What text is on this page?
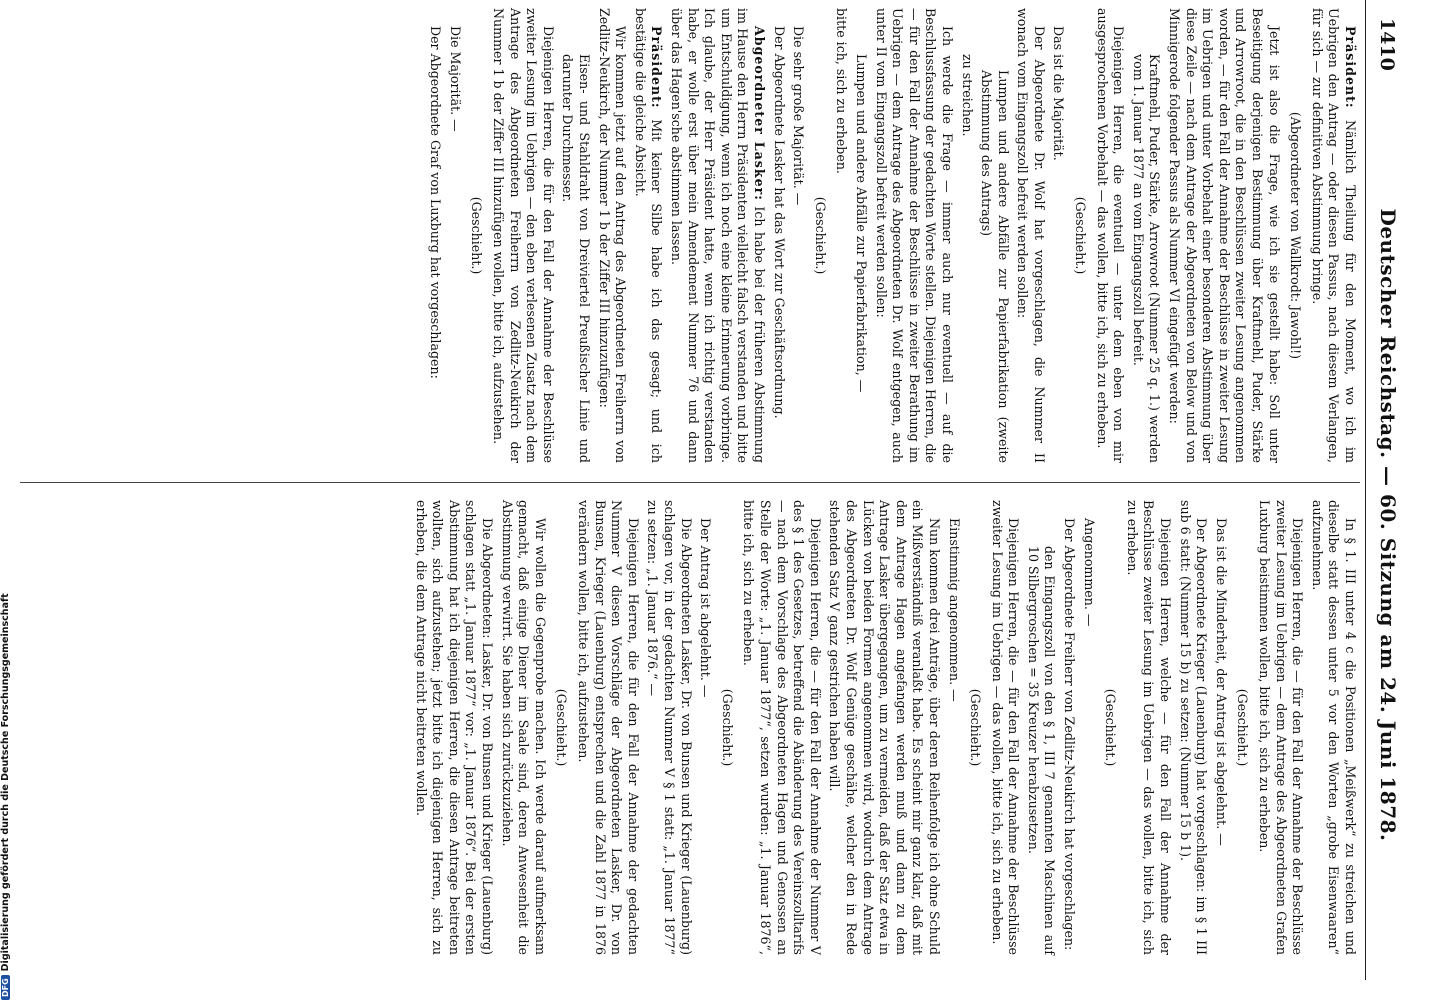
1410
Deutscher Reichstag. — 60. Sitzung am 24. Juni 1878.

Präsident: Nämlich Theilung für den Moment, wo ich im Uebrigen den Antrag — oder diesen Passus, nach diesem Verlangen, für sich — zur definitiven Abstimmung bringe.

(Abgeordneter von Wallkrodt: Jawohl!)

Jetzt ist also die Frage, wie ich sie gestellt habe: Soll unter Beseitigung derjenigen Bestimmung über Kraftmehl, Puder, Stärke und Arrowroot, die in den Beschlüssen zweiter Lesung angenommen worden, — für den Fall der Annahme der Beschlüsse in zweiter Lesung im Uebrigen und unter Vorbehalt einer besonderen Abstimmung über diese Zeile — nach dem Antrage der Abgeordneten von Below und von Minnigerode folgender Passus als Nummer VI eingefügt werden:

Kraftmehl, Puder, Stärke, Arrowroot (Nummer 25 q. 1.) werden vom 1. Januar 1877 an vom Eingangszoll befreit.

Diejenigen Herren, die eventuell — unter dem eben von mir ausgesprochenen Vorbehalt — das wollen, bitte ich, sich zu erheben.

(Geschieht.)

Das ist die Majorität.

Der Abgeordnete Dr. Wolf hat vorgeschlagen, die Nummer II wonach vom Eingangszoll befreit werden sollen:

Lumpen und andere Abfälle zur Papierfabrikation (zweite Abstimmung des Antrags)

zu streichen.

Ich werde die Frage — immer auch nur eventuell — auf die Beschlussfassung der gedachten Worte stellen. Diejenigen Herren, die — für den Fall der Annahme der Beschlüsse in zweiter Berathung im Uebrigen — dem Antrage des Abgeordneten Dr. Wolf entgegen, auch unter II vom Eingangszoll befreit werden sollen:

Lumpen und andere Abfälle zur Papierfabrikation, —

bitte ich, sich zu erheben.

(Geschieht.)

Die sehr große Majorität. —

Der Abgeordnete Lasker hat das Wort zur Geschäftsordnung.

Abgeordneter Lasker: Ich habe bei der früheren Abstimmung im Hause den Herrn Präsidenten vielleicht falsch verstanden und bitte um Entschuldigung, wenn ich noch eine kleine Erinnerung vorbringe. Ich glaube, der Herr Präsident hatte, wenn ich richtig verstanden habe, er wolle erst über mein Amendement Nummer 76 und dann über das Hagen'sche abstimmen lassen.

Präsident: Mit keiner Silbe habe ich das gesagt; und ich bestätige die gleiche Absicht.

Wir kommen jetzt auf den Antrag des Abgeordneten Freiherrn von Zedlitz-Neukirch, der Nummer 1 b der Ziffer III hinzuzufügen:

Eisen- und Stahldraht von Dreiviertel Preußischer Linie und darunter Durchmesser.

Diejenigen Herren, die für den Fall der Annahme der Beschlüsse zweiter Lesung im Uebrigen — den eben verlesenen Zusatz nach dem Antrage des Abgeordneten Freiherrn von Zedlitz-Neukirch der Nummer 1 b der Ziffer III hinzufügen wollen, bitte ich, aufzustehen.

(Geschieht.)

Die Majorität. —

Der Abgeordnete Graf von Luxburg hat vorgeschlagen:

In § 1. III unter 4 c die Positionen „Meißwerk“ zu streichen und dieselbe statt dessen unter 5 vor den Worten „grobe Eisenwaaren“ aufzunehmen.

Diejenigen Herren, die — für den Fall der Annahme der Beschlüsse zweiter Lesung im Uebrigen — dem Antrage des Abgeordneten Grafen Luxburg beistimmen wollen, bitte ich, sich zu erheben.

(Geschieht.)

Das ist die Minderheit, der Antrag ist abgelehnt. —

Der Abgeordnete Krieger (Lauenburg) hat vorgeschlagen: im § 1 III sub 6 statt: (Nummer 15 b) zu setzen: (Nummer 15 b 1).

Diejenigen Herren, welche — für den Fall der Annahme der Beschlüsse zweiter Lesung im Uebrigen — das wollen, bitte ich, sich zu erheben.

(Geschieht.)

Angenommen. —

Der Abgeordnete Freiherr von Zedlitz-Neukirch hat vorgeschlagen:

den Eingangszoll von den § 1, III 7 genannten Maschinen auf 10 Silbergroschen = 35 Kreuzer herabzusetzen.

Diejenigen Herren, die — für den Fall der Annahme der Beschlüsse zweiter Lesung im Uebrigen — das wollen, bitte ich, sich zu erheben.

(Geschieht.)

Einstimmig angenommen. —

Nun kommen drei Anträge, über deren Reihenfolge ich ohne Schuld ein Mißverständniß veranlaßt habe. Es scheint mir ganz klar, daß mit dem Antrage Hagen angefangen werden muß und dann zu dem Antrage Lasker übergegangen, um zu vermeiden, daß der Satz etwa in Lücken von beiden Formen angenommen wird, wodurch dem Antrage des Abgeordneten Dr. Wolf Genüge geschähe, welcher den in Rede stehenden Satz V ganz gestrichen haben will.

Diejenigen Herren, die — für den Fall der Annahme der Nummer V des § 1 des Gesetzes, betreffend die Abänderung des Vereinszolltarifs — nach dem Vorschlage des Abgeordneten Hagen und Genossen an Stelle der Worte: „1. Januar 1877“, setzen wurden: „1. Januar 1876“, bitte ich, sich zu erheben.

(Geschieht.)

Der Antrag ist abgelehnt. —

Die Abgeordneten Lasker, Dr. von Bunsen und Krieger (Lauenburg) schlagen vor, in der gedachten Nummer V § 1 statt: „1. Januar 1877“ zu setzen: „1. Januar 1876.“ —

Diejenigen Herren, die für den Fall der Annahme der gedachten Nummer V diesen Vorschläge der Abgeordneten Lasker, Dr. von Bunsen, Krieger (Lauenburg) entsprechen und die Zahl 1877 in 1876 verändern wollen, bitte ich, aufzustehen.

(Geschieht.)

Wir wollen die Gegenprobe machen. Ich werde darauf aufmerksam gemacht, daß einige Diener im Saale sind, deren Anwesenheit die Abstimmung verwirrt. Sie haben sich zurückzuziehen.

Die Abgeordneten: Lasker, Dr. von Bunsen und Krieger (Lauenburg) schlagen statt „1. Januar 1877“ vor: „1. Januar 1876“. Bei der ersten Abstimmung hat ich diejenigen Herren, die diesen Antrage beitreten wollten, sich aufzustehen; jetzt bitte ich diejenigen Herren, sich zu erheben, die dem Antrage nicht beitreten wollen.

DFGDigitalisierung gefördert durch die Deutsche Forschungsgemeinschaft
